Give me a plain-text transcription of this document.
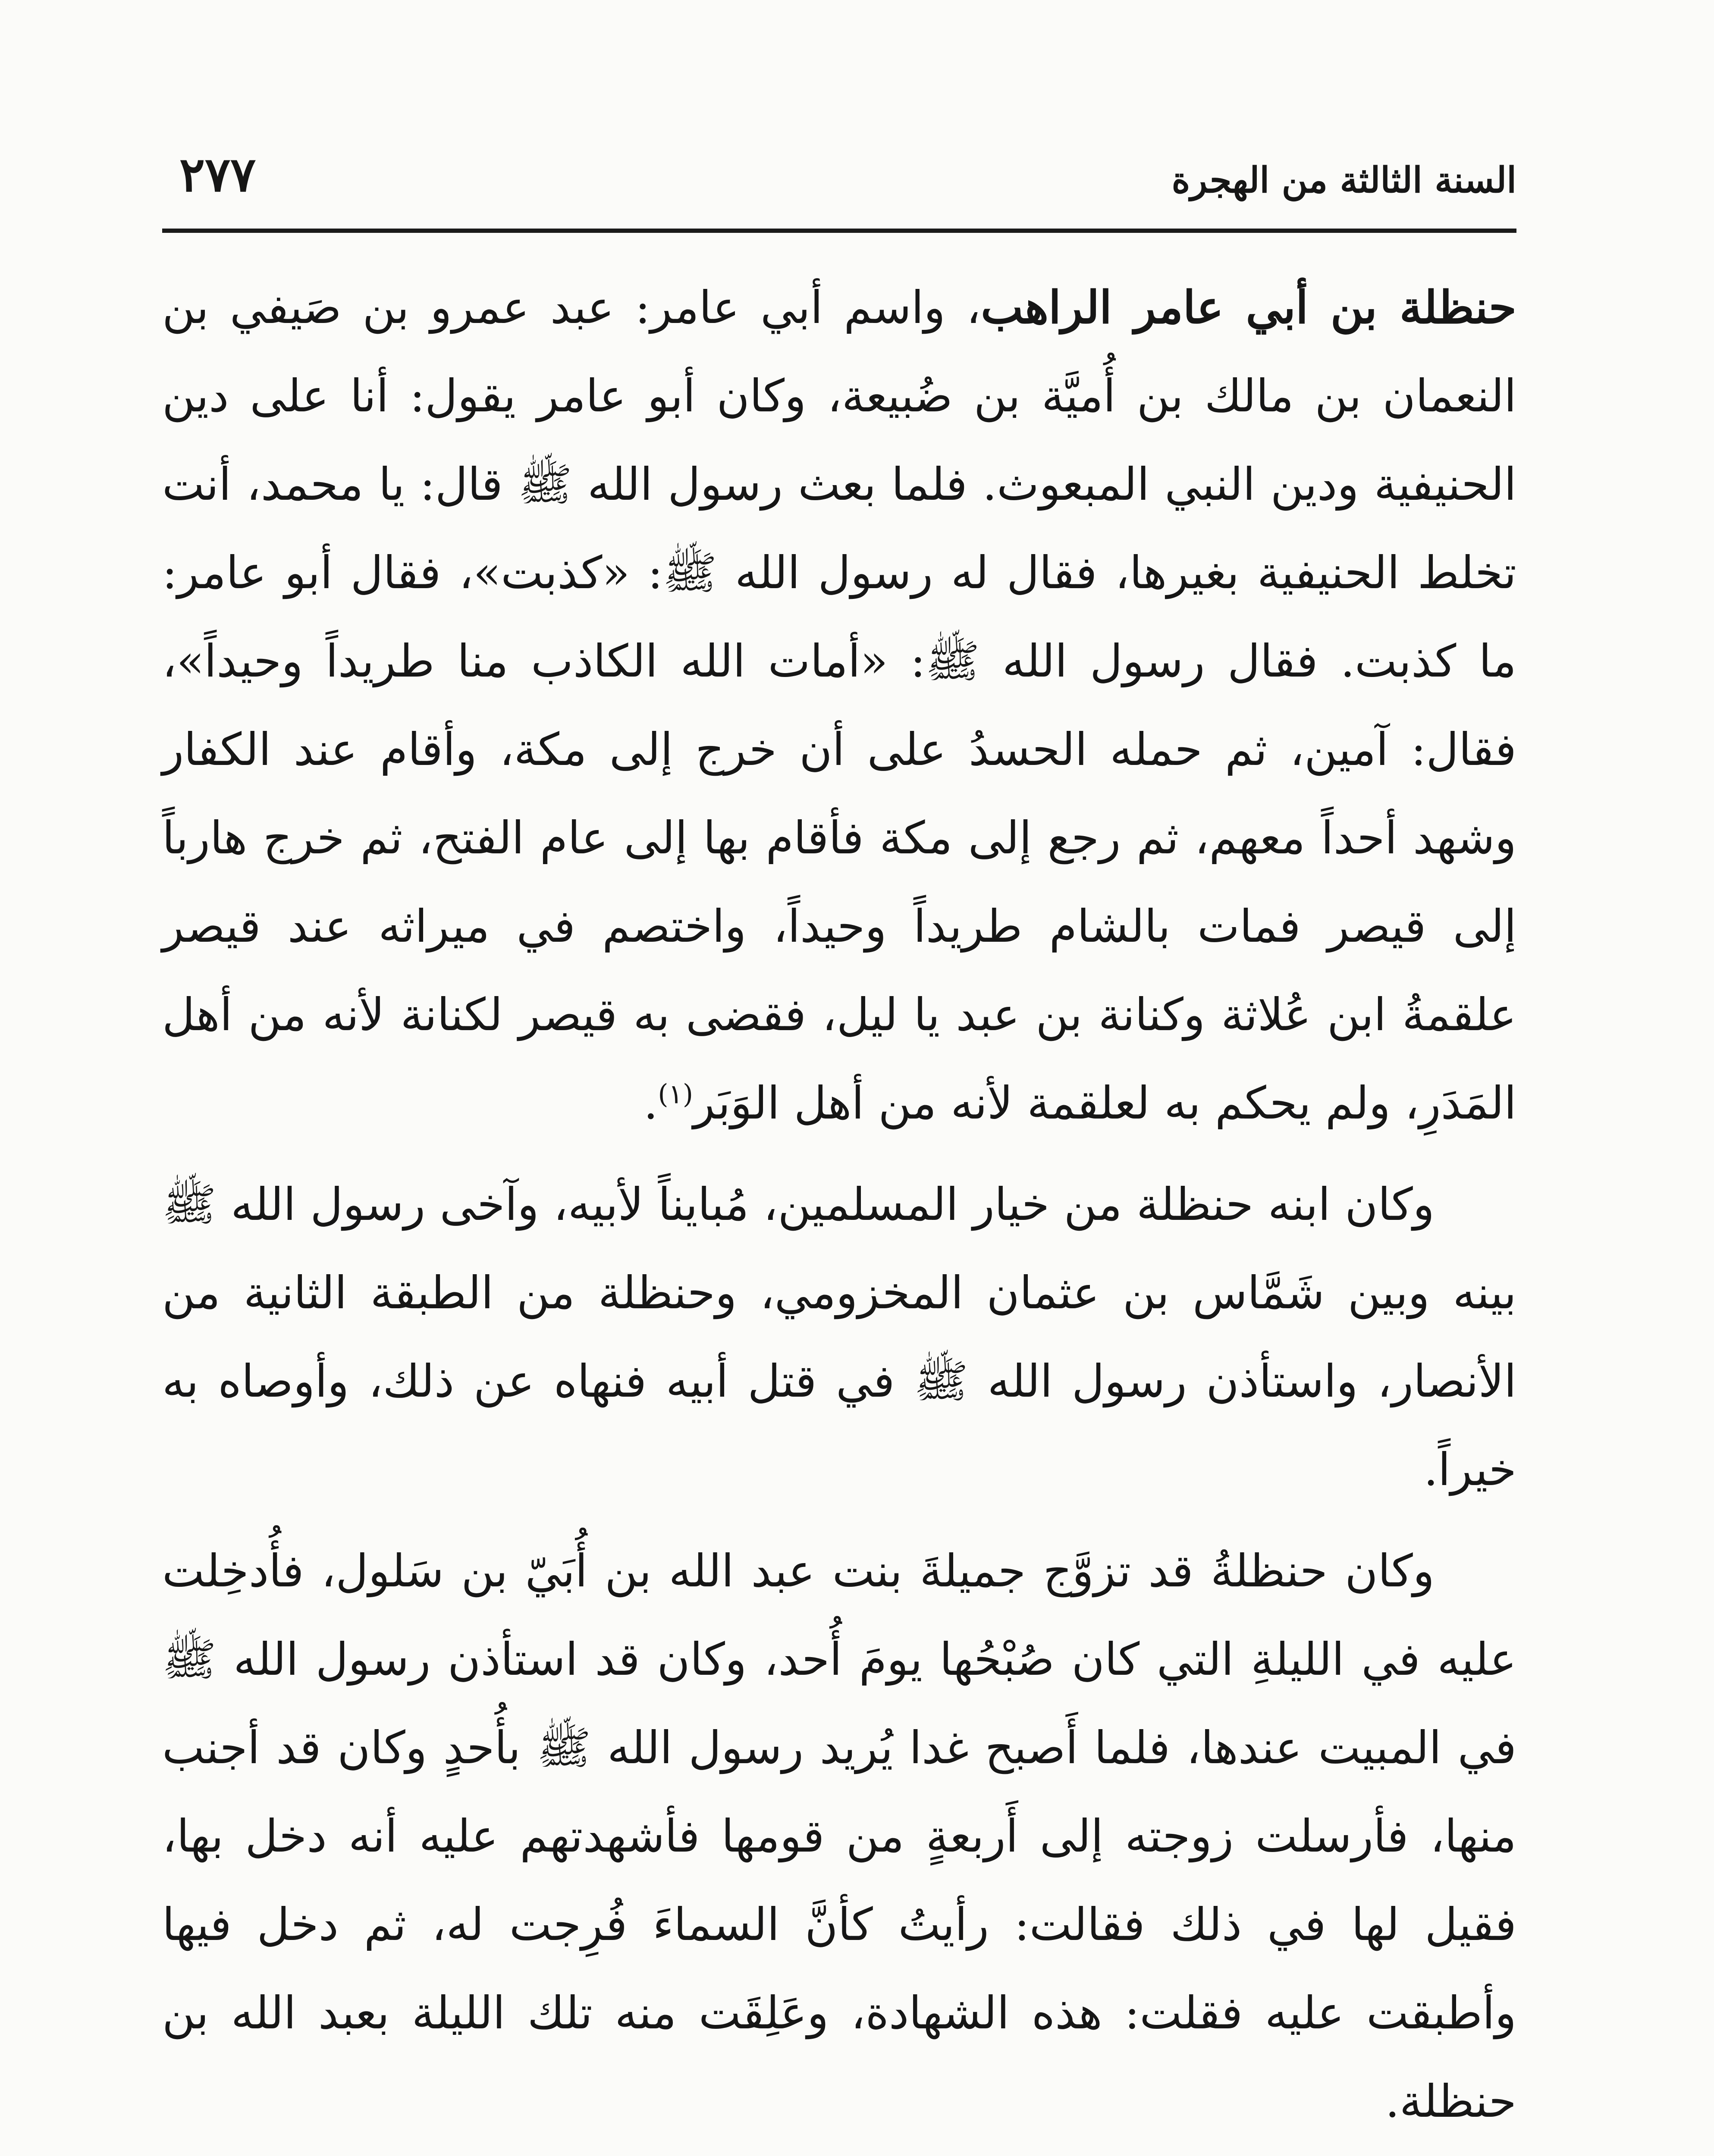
السنة الثالثة من الهجرة
٢٧٧

حنظلة بن أبي عامر الراهب، واسم أبي عامر: عبد عمرو بن صَيفي بن النعمان بن مالك بن أُميَّة بن ضُبيعة، وكان أبو عامر يقول: أنا على دين الحنيفية ودين النبي المبعوث. فلما بعث رسول الله ﷺ قال: يا محمد، أنت تخلط الحنيفية بغيرها، فقال له رسول الله ﷺ: «كذبت»، فقال أبو عامر: ما كذبت. فقال رسول الله ﷺ: «أمات الله الكاذب منا طريداً وحيداً»، فقال: آمين، ثم حمله الحسدُ على أن خرج إلى مكة، وأقام عند الكفار وشهد أحداً معهم، ثم رجع إلى مكة فأقام بها إلى عام الفتح، ثم خرج هارباً إلى قيصر فمات بالشام طريداً وحيداً، واختصم في ميراثه عند قيصر علقمةُ ابن عُلاثة وكنانة بن عبد يا ليل، فقضى به قيصر لكنانة لأنه من أهل المَدَرِ، ولم يحكم به لعلقمة لأنه من أهل الوَبَر$^{(١)}$.

وكان ابنه حنظلة من خيار المسلمين، مُبايناً لأبيه، وآخى رسول الله ﷺ بينه وبين شَمَّاس بن عثمان المخزومي، وحنظلة من الطبقة الثانية من الأنصار، واستأذن رسول الله ﷺ في قتل أبيه فنهاه عن ذلك، وأوصاه به خيراً.

وكان حنظلةُ قد تزوَّج جميلةَ بنت عبد الله بن أُبَيّ بن سَلول، فأُدخِلت عليه في الليلةِ التي كان صُبْحُها يومَ أُحد، وكان قد استأذن رسول الله ﷺ في المبيت عندها، فلما أَصبح غدا يُريد رسول الله ﷺ بأُحدٍ وكان قد أجنب منها، فأرسلت زوجته إلى أَربعةٍ من قومها فأشهدتهم عليه أنه دخل بها، فقيل لها في ذلك فقالت: رأيتُ كأنَّ السماءَ فُرِجت له، ثم دخل فيها وأطبقت عليه فقلت: هذه الشهادة، وعَلِقَت منه تلك الليلة بعبد الله بن حنظلة.
